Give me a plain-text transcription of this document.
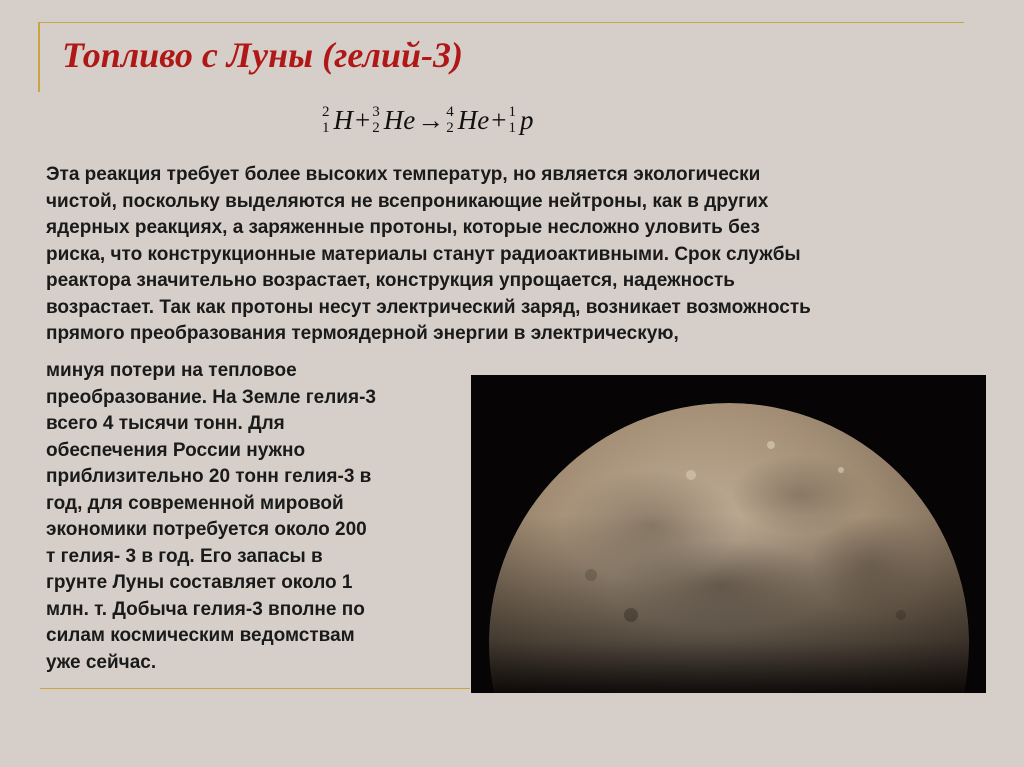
Топливо с Луны (гелий-3)
2
1 H + 3
2 He → 4
2 He + 1
1 p
Эта реакция требует более высоких температур, но является экологически
чистой, поскольку выделяются не всепроникающие нейтроны, как в других
ядерных реакциях, а заряженные протоны, которые несложно уловить без
риска, что конструкционные материалы станут радиоактивными. Срок службы
реактора значительно возрастает, конструкция упрощается, надежность
возрастает. Так как протоны несут электрический заряд, возникает возможность
прямого преобразования термоядерной энергии в электрическую,
минуя потери на тепловое
преобразование. На Земле гелия-3
всего 4 тысячи тонн. Для
обеспечения России нужно
приблизительно 20 тонн гелия-3 в
год, для современной мировой
экономики потребуется около 200
т гелия- 3 в год. Его запасы в
грунте Луны составляет около 1
млн. т. Добыча гелия-3 вполне по
силам космическим ведомствам
уже сейчас.
